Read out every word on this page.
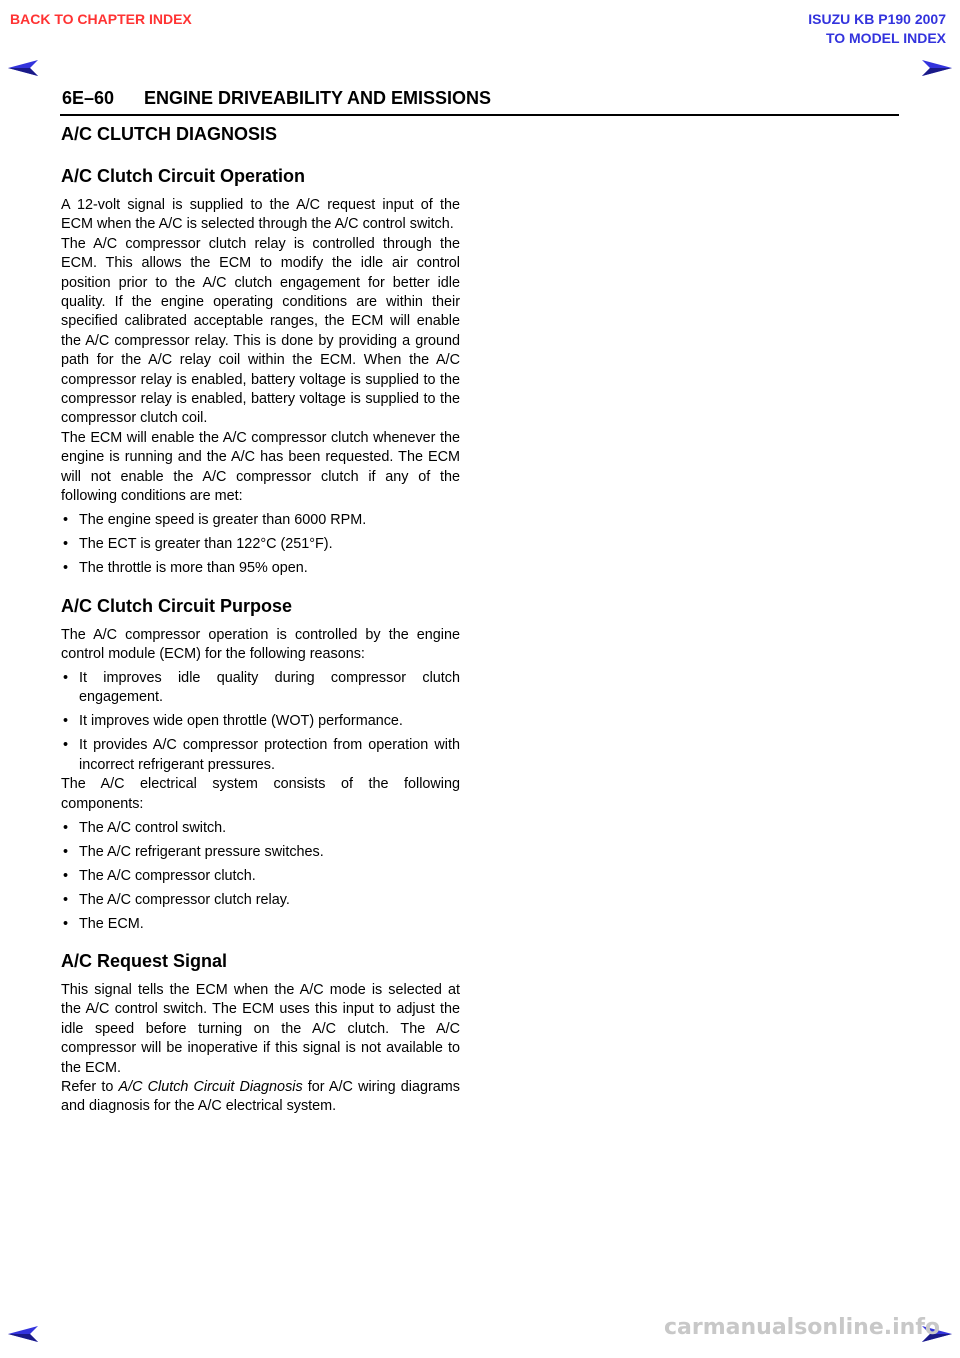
BACK TO CHAPTER INDEX	ISUZU KB P190 2007
TO MODEL INDEX
6E–60 ENGINE DRIVEABILITY AND EMISSIONS
A/C CLUTCH DIAGNOSIS
A/C Clutch Circuit Operation

A 12-volt signal is supplied to the A/C request input of the ECM when the A/C is selected through the A/C control switch.

The A/C compressor clutch relay is controlled through the ECM. This allows the ECM to modify the idle air control position prior to the A/C clutch engagement for better idle quality. If the engine operating conditions are within their specified calibrated acceptable ranges, the ECM will enable the A/C compressor relay. This is done by providing a ground path for the A/C relay coil within the ECM. When the A/C compressor relay is enabled, battery voltage is supplied to the compressor relay is enabled, battery voltage is supplied to the compressor clutch coil.

The ECM will enable the A/C compressor clutch whenever the engine is running and the A/C has been requested. The ECM will not enable the A/C compressor clutch if any of the following conditions are met:

• The engine speed is greater than 6000 RPM.
• The ECT is greater than 122°C (251°F).
• The throttle is more than 95% open.
A/C Clutch Circuit Purpose

The A/C compressor operation is controlled by the engine control module (ECM) for the following reasons:

• It improves idle quality during compressor clutch engagement.
• It improves wide open throttle (WOT) performance.
• It provides A/C compressor protection from operation with incorrect refrigerant pressures.

The A/C electrical system consists of the following components:

• The A/C control switch.
• The A/C refrigerant pressure switches.
• The A/C compressor clutch.
• The A/C compressor clutch relay.
• The ECM.
A/C Request Signal

This signal tells the ECM when the A/C mode is selected at the A/C control switch. The ECM uses this input to adjust the idle speed before turning on the A/C clutch. The A/C compressor will be inoperative if this signal is not available to the ECM.

Refer to A/C Clutch Circuit Diagnosis for A/C wiring diagrams and diagnosis for the A/C electrical system.

carmanualsonline.info
